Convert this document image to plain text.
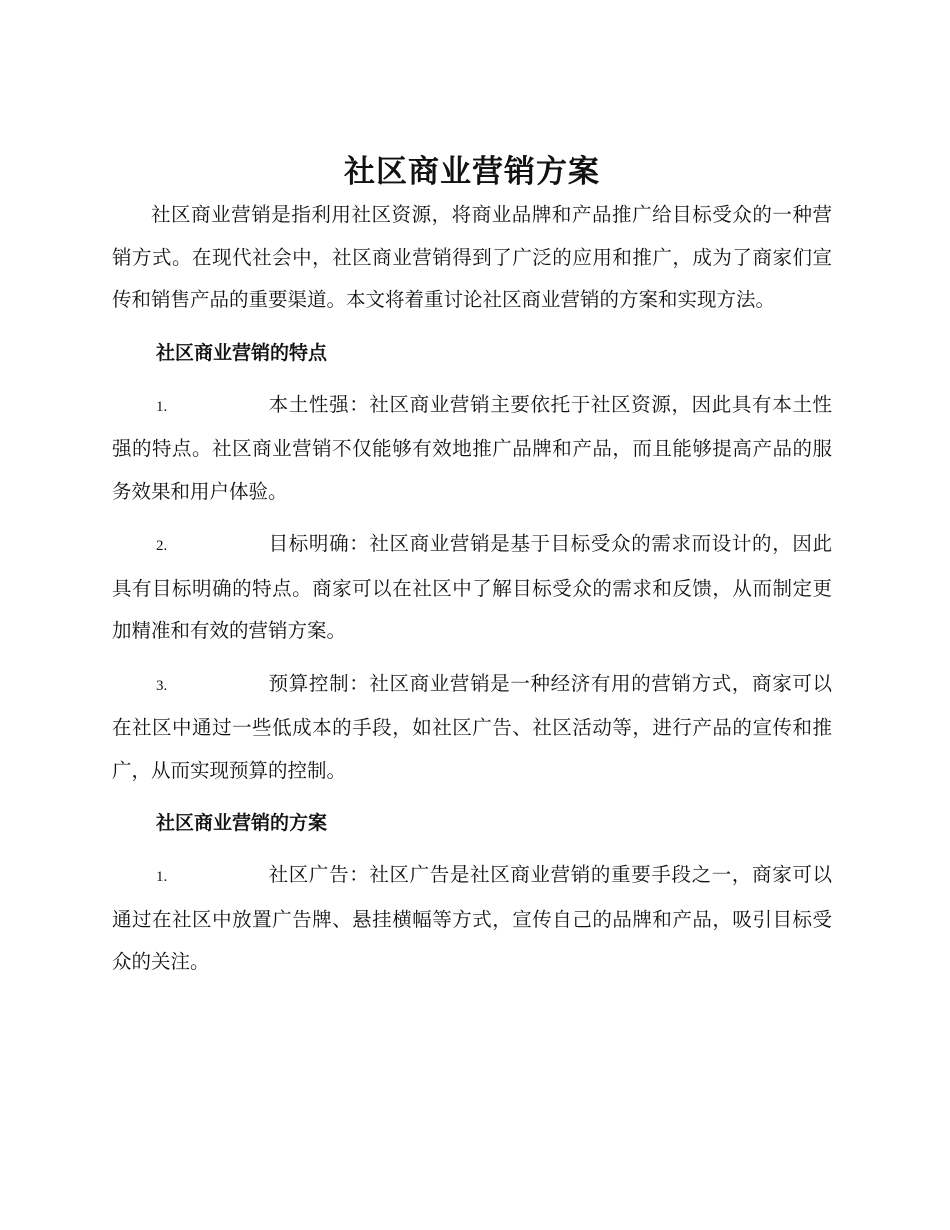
社区商业营销方案

社区商业营销是指利用社区资源，将商业品牌和产品推广给目标受众的一种营销方式。在现代社会中，社区商业营销得到了广泛的应用和推广，成为了商家们宣传和销售产品的重要渠道。本文将着重讨论社区商业营销的方案和实现方法。

社区商业营销的特点
1.	本土性强：社区商业营销主要依托于社区资源，因此具有本土性强的特点。社区商业营销不仅能够有效地推广品牌和产品，而且能够提高产品的服务效果和用户体验。
2.	目标明确：社区商业营销是基于目标受众的需求而设计的，因此具有目标明确的特点。商家可以在社区中了解目标受众的需求和反馈，从而制定更加精准和有效的营销方案。
3.	预算控制：社区商业营销是一种经济有用的营销方式，商家可以在社区中通过一些低成本的手段，如社区广告、社区活动等，进行产品的宣传和推广，从而实现预算的控制。
社区商业营销的方案
1.	社区广告：社区广告是社区商业营销的重要手段之一，商家可以通过在社区中放置广告牌、悬挂横幅等方式，宣传自己的品牌和产品，吸引目标受众的关注。
